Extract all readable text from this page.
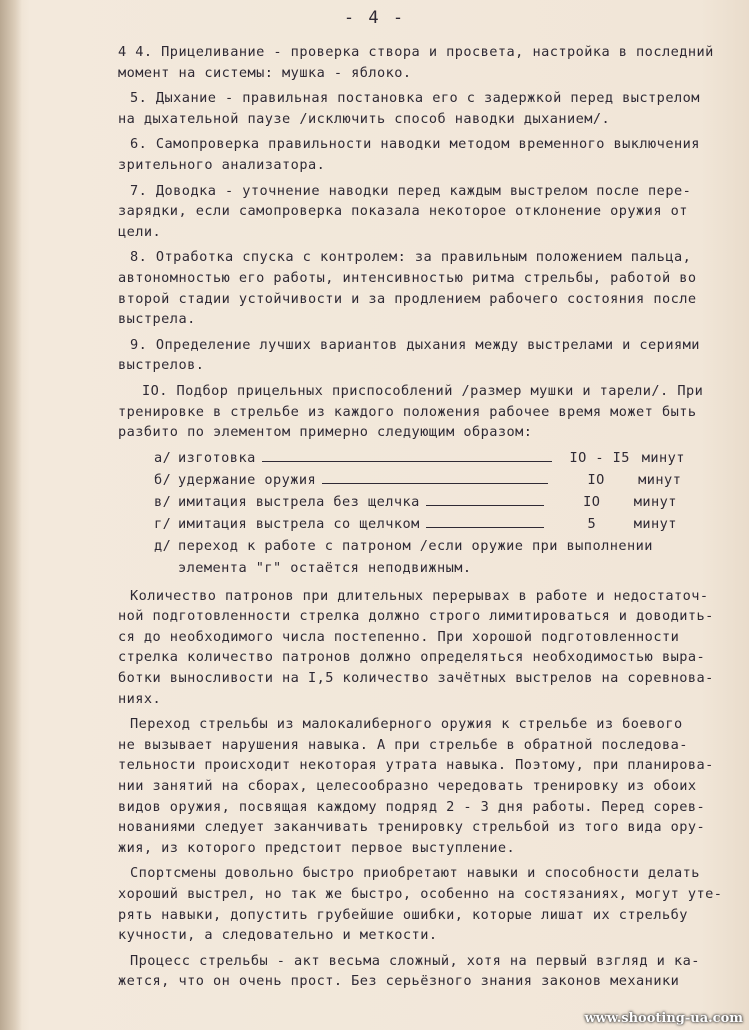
- 4 -
4 4. Прицеливание - проверка створа и просвета, настройка в последний
момент на системы: мушка - яблоко.
5. Дыхание - правильная постановка его с задержкой перед выстрелом
на дыхательной паузе /исключить способ наводки дыханием/.
6. Самопроверка правильности наводки методом временного выключения
зрительного анализатора.
7. Доводка - уточнение наводки перед каждым выстрелом после пере-
зарядки, если самопроверка показала некоторое отклонение оружия от
цели.
8. Отработка спуска с контролем: за правильным положением пальца,
автономностью его работы, интенсивностью ритма стрельбы, работой во
второй стадии устойчивости и за продлением рабочего состояния после
выстрела.
9. Определение лучших вариантов дыхания между выстрелами и сериями
выстрелов.
IO. Подбор прицельных приспособлений /размер мушки и тарели/. При
тренировке в стрельбе из каждого положения рабочее время может быть
разбито по элементом примерно следующим образом:
а/ изготовка	IO - I5 минут
б/ удержание оружия	IO	минут
в/ имитация выстрела без щелчка	IO	минут
г/ имитация выстрела со щелчком	5	минут
д/ переход к работе с патроном /если оружие при выполнении
элемента "г" остаётся неподвижным.
Количество патронов при длительных перерывах в работе и недостаточ-
ной подготовленности стрелка должно строго лимитироваться и доводить-
ся до необходимого числа постепенно. При хорошой подготовленности
стрелка количество патронов должно определяться необходимостью выра-
ботки выносливости на I,5 количество зачётных выстрелов на соревнова-
ниях.
Переход стрельбы из малокалиберного оружия к стрельбе из боевого
не вызывает нарушения навыка. А при стрельбе в обратной последова-
тельности происходит некоторая утрата навыка. Поэтому, при планирова-
нии занятий на сборах, целесообразно чередовать тренировку из обоих
видов оружия, посвящая каждому подряд 2 - 3 дня работы. Перед сорев-
нованиями следует заканчивать тренировку стрельбой из того вида ору-
жия, из которого предстоит первое выступление.
Спортсмены довольно быстро приобретают навыки и способности делать
хороший выстрел, но так же быстро, особенно на состязаниях, могут уте-
рять навыки, допустить грубейшие ошибки, которые лишат их стрельбу
кучности, а следовательно и меткости.
Процесс стрельбы - акт весьма сложный, хотя на первый взгляд и ка-
жется, что он очень прост. Без серьёзного знания законов механики
www.shooting-ua.com
